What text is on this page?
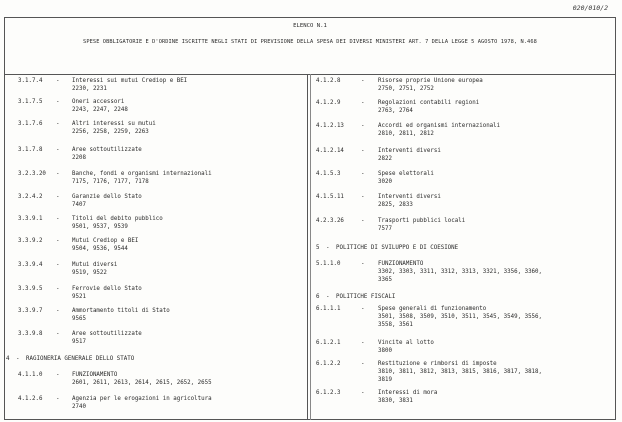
020/010/2
ELENCO N.1
SPESE OBBLIGATORIE E D'ORDINE ISCRITTE NEGLI STATI DI PREVISIONE DELLA SPESA DEI DIVERSI MINISTERI ART. 7 DELLA LEGGE 5 AGOSTO 1978, N.468
3.1.7.4 - Interessi sui mutui Crediop e BEI
2230, 2231
3.1.7.5 - Oneri accessori
2243, 2247, 2248
3.1.7.6 - Altri interessi su mutui
2256, 2258, 2259, 2263
3.1.7.8 - Aree sottoutilizzate
2208
3.2.3.20 - Banche, fondi e organismi internazionali
7175, 7176, 7177, 7178
3.2.4.2 - Garanzie dello Stato
7407
3.3.9.1 - Titoli del debito pubblico
9501, 9537, 9539
3.3.9.2 - Mutui Crediop e BEI
9504, 9536, 9544
3.3.9.4 - Mutui diversi
9519, 9522
3.3.9.5 - Ferrovie dello Stato
9521
3.3.9.7 - Ammortamento titoli di Stato
9565
3.3.9.8 - Aree sottoutilizzate
9517
4 - RAGIONERIA GENERALE DELLO STATO
4.1.1.0 - FUNZIONAMENTO
2601, 2611, 2613, 2614, 2615, 2652, 2655
4.1.2.6 - Agenzia per le erogazioni in agricoltura
2740
4.1.2.8	- Risorse proprie Unione europea
2750, 2751, 2752
4.1.2.9	- Regolazioni contabili regioni
2763, 2764
4.1.2.13	- Accordi ed organismi internazionali
2810, 2811, 2812
4.1.2.14	- Interventi diversi
2822
4.1.5.3	- Spese elettorali
3020
4.1.5.11	- Interventi diversi
2825, 2833
4.2.3.26	- Trasporti pubblici locali
7577
5 - POLITICHE DI SVILUPPO E DI COESIONE
5.1.1.0	- FUNZIONAMENTO
3302, 3303, 3311, 3312, 3313, 3321, 3356, 3360,
3365
6 - POLITICHE FISCALI
6.1.1.1	- Spese generali di funzionamento
3501, 3508, 3509, 3510, 3511, 3545, 3549, 3556,
3558, 3561
6.1.2.1	- Vincite al lotto
3800
6.1.2.2	- Restituzione e rimborsi di imposte
3810, 3811, 3812, 3813, 3815, 3816, 3817, 3818,
3819
6.1.2.3	- Interessi di mora
3830, 3831
